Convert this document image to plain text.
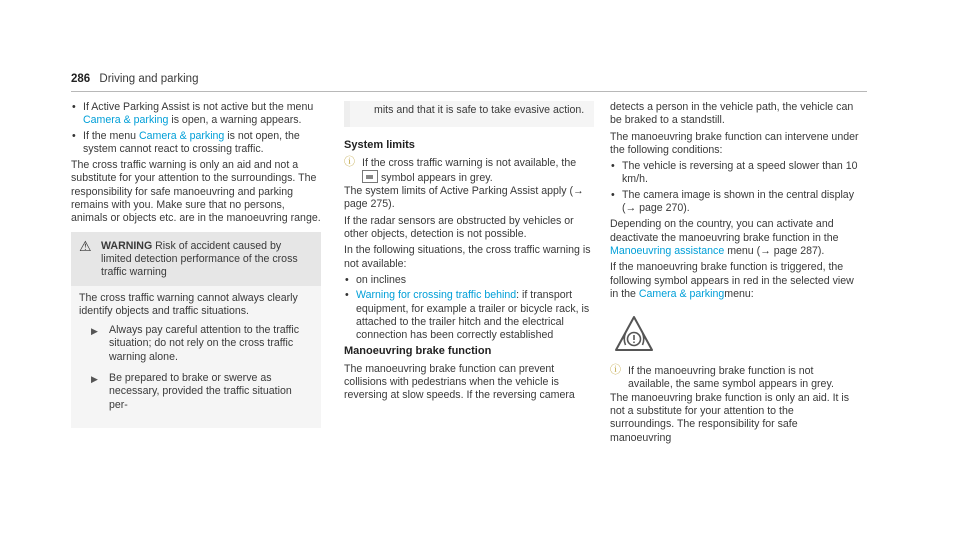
286 Driving and parking
• If Active Parking Assist is not active but the menu Camera & parking is open, a warning appears.
• If the menu Camera & parking is not open, the system cannot react to crossing traffic.

The cross traffic warning is only an aid and not a substitute for your attention to the surroundings. The responsibility for safe manoeuvring and parking remains with you. Make sure that no persons, animals or objects etc. are in the manoeuvring range.

⚠ WARNING Risk of accident caused by limited detection performance of the cross traffic warning

The cross traffic warning cannot always clearly identify objects and traffic situations.

▶ Always pay careful attention to the traffic situation; do not rely on the cross traffic warning alone.
▶ Be prepared to brake or swerve as necessary, provided the traffic situation per-
mits and that it is safe to take evasive action.
System limits
ⓘ If the cross traffic warning is not available, the
symbol appears in grey.

The system limits of Active Parking Assist apply (→ page 275).

If the radar sensors are obstructed by vehicles or other objects, detection is not possible.

In the following situations, the cross traffic warning is not available:

• on inclines
• Warning for crossing traffic behind: if transport equipment, for example a trailer or bicycle rack, is attached to the trailer hitch and the electrical connection has been correctly established
Manoeuvring brake function

The manoeuvring brake function can prevent collisions with pedestrians when the vehicle is reversing at slow speeds. If the reversing camera

detects a person in the vehicle path, the vehicle can be braked to a standstill.

The manoeuvring brake function can intervene under the following conditions:

• The vehicle is reversing at a speed slower than 10 km/h.
• The camera image is shown in the central display (→ page 270).

Depending on the country, you can activate and deactivate the manoeuvring brake function in the Manoeuvring assistance menu (→ page 287).

If the manoeuvring brake function is triggered, the following symbol appears in red in the selected view in the Camera & parkingmenu:

ⓘ If the manoeuvring brake function is not available, the same symbol appears in grey.

The manoeuvring brake function is only an aid. It is not a substitute for your attention to the surroundings. The responsibility for safe manoeuvring
